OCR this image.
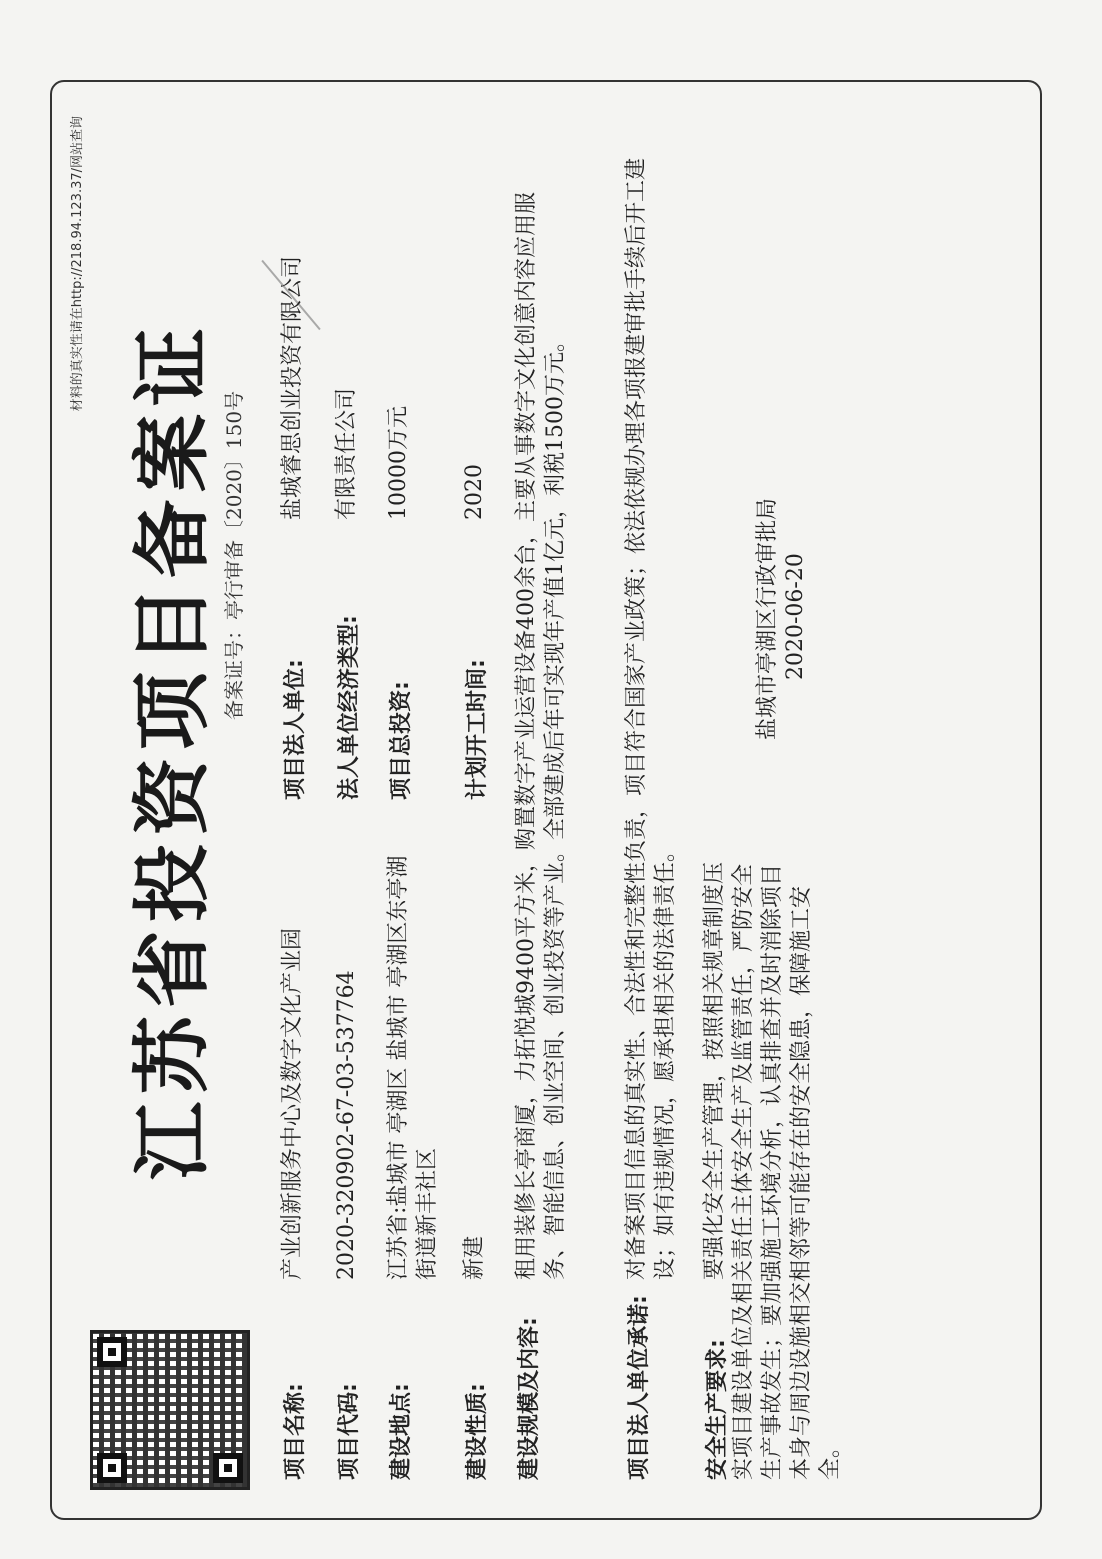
材料的真实性请在http://218.94.123.37/网站查询
江苏省投资项目备案证 备案证号：亭行审备〔2020〕150号
项目名称:
产业创新服务中心及数字文化产业园
项目法人单位:
盐城睿思创业投资有限公司
项目代码:
2020-320902-67-03-537764
法人单位经济类型:
有限责任公司
建设地点:
江苏省:盐城市 亭湖区 盐城市 亭湖区东亭湖街道新丰社区
项目总投资:
10000万元
建设性质:
新建
计划开工时间:
2020
建设规模及内容:
租用装修长亭商厦，力拓悦城9400平方米，购置数字产业运营设备400余台，主要从事数字文化创意内容应用服务、智能信息、创业空间、创业投资等产业。全部建成后年可实现年产值1亿元，利税1500万元。
项目法人单位承诺:
对备案项目信息的真实性、合法性和完整性负责，项目符合国家产业政策；依法依规办理各项报建审批手续后开工建设；如有违规情况，愿承担相关的法律责任。
安全生产要求:
要强化安全生产管理，按照相关规章制度压实项目建设单位及相关责任主体安全生产及监管责任，严防安全生产事故发生；要加强施工环境分析，认真排查并及时消除项目本身与周边设施相交相邻等可能存在的安全隐患，保障施工安全。
盐城市亭湖区行政审批局 2020-06-20
